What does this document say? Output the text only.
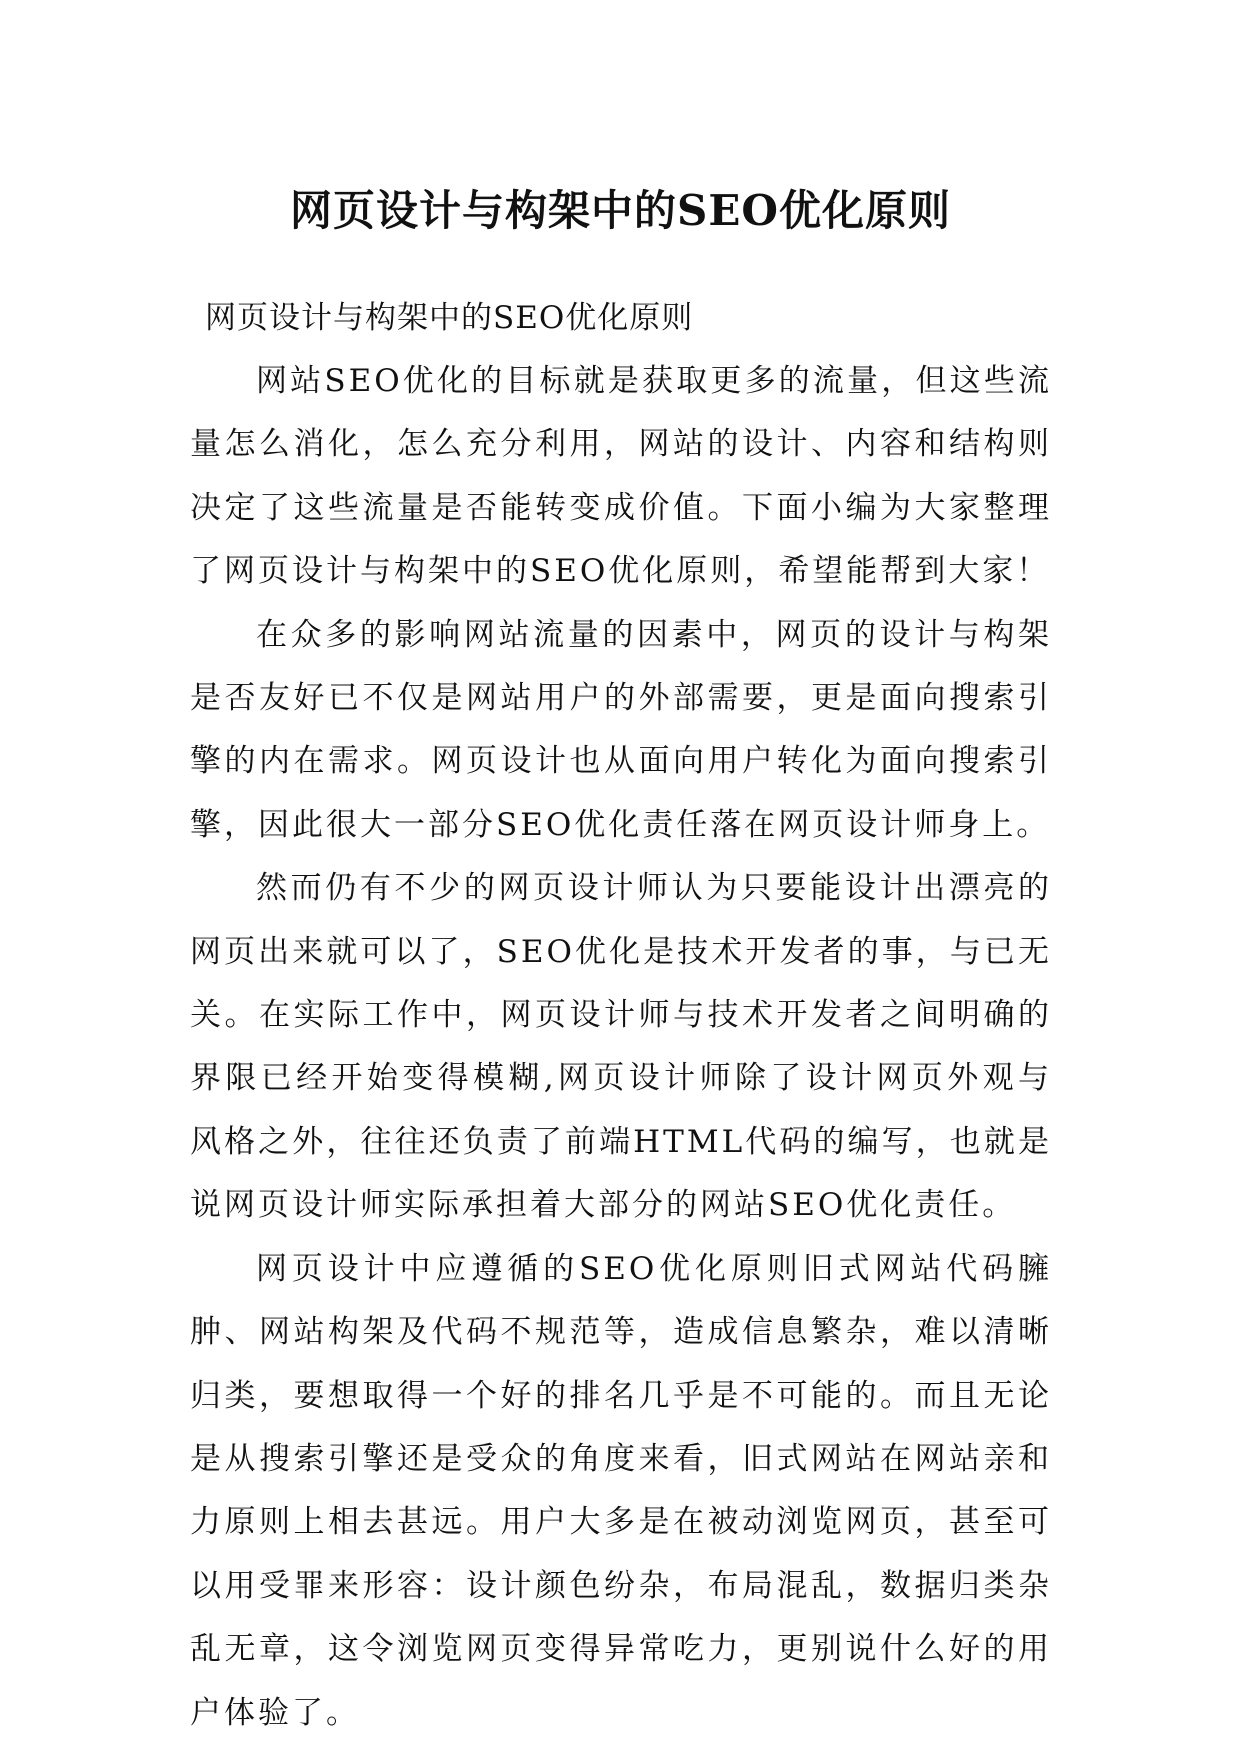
网页设计与构架中的SEO优化原则
网页设计与构架中的SEO优化原则

网站SEO优化的目标就是获取更多的流量，但这些流量怎么消化，怎么充分利用，网站的设计、内容和结构则决定了这些流量是否能转变成价值。下面小编为大家整理了网页设计与构架中的SEO优化原则，希望能帮到大家！

在众多的影响网站流量的因素中，网页的设计与构架是否友好已不仅是网站用户的外部需要，更是面向搜索引擎的内在需求。网页设计也从面向用户转化为面向搜索引擎，因此很大一部分SEO优化责任落在网页设计师身上。

然而仍有不少的网页设计师认为只要能设计出漂亮的网页出来就可以了，SEO优化是技术开发者的事，与已无关。在实际工作中，网页设计师与技术开发者之间明确的界限已经开始变得模糊,网页设计师除了设计网页外观与风格之外，往往还负责了前端HTML代码的编写，也就是说网页设计师实际承担着大部分的网站SEO优化责任。

网页设计中应遵循的SEO优化原则旧式网站代码臃肿、网站构架及代码不规范等，造成信息繁杂，难以清晰归类，要想取得一个好的排名几乎是不可能的。而且无论是从搜索引擎还是受众的角度来看，旧式网站在网站亲和力原则上相去甚远。用户大多是在被动浏览网页，甚至可以用受罪来形容：设计颜色纷杂，布局混乱，数据归类杂乱无章，这令浏览网页变得异常吃力，更别说什么好的用户体验了。
